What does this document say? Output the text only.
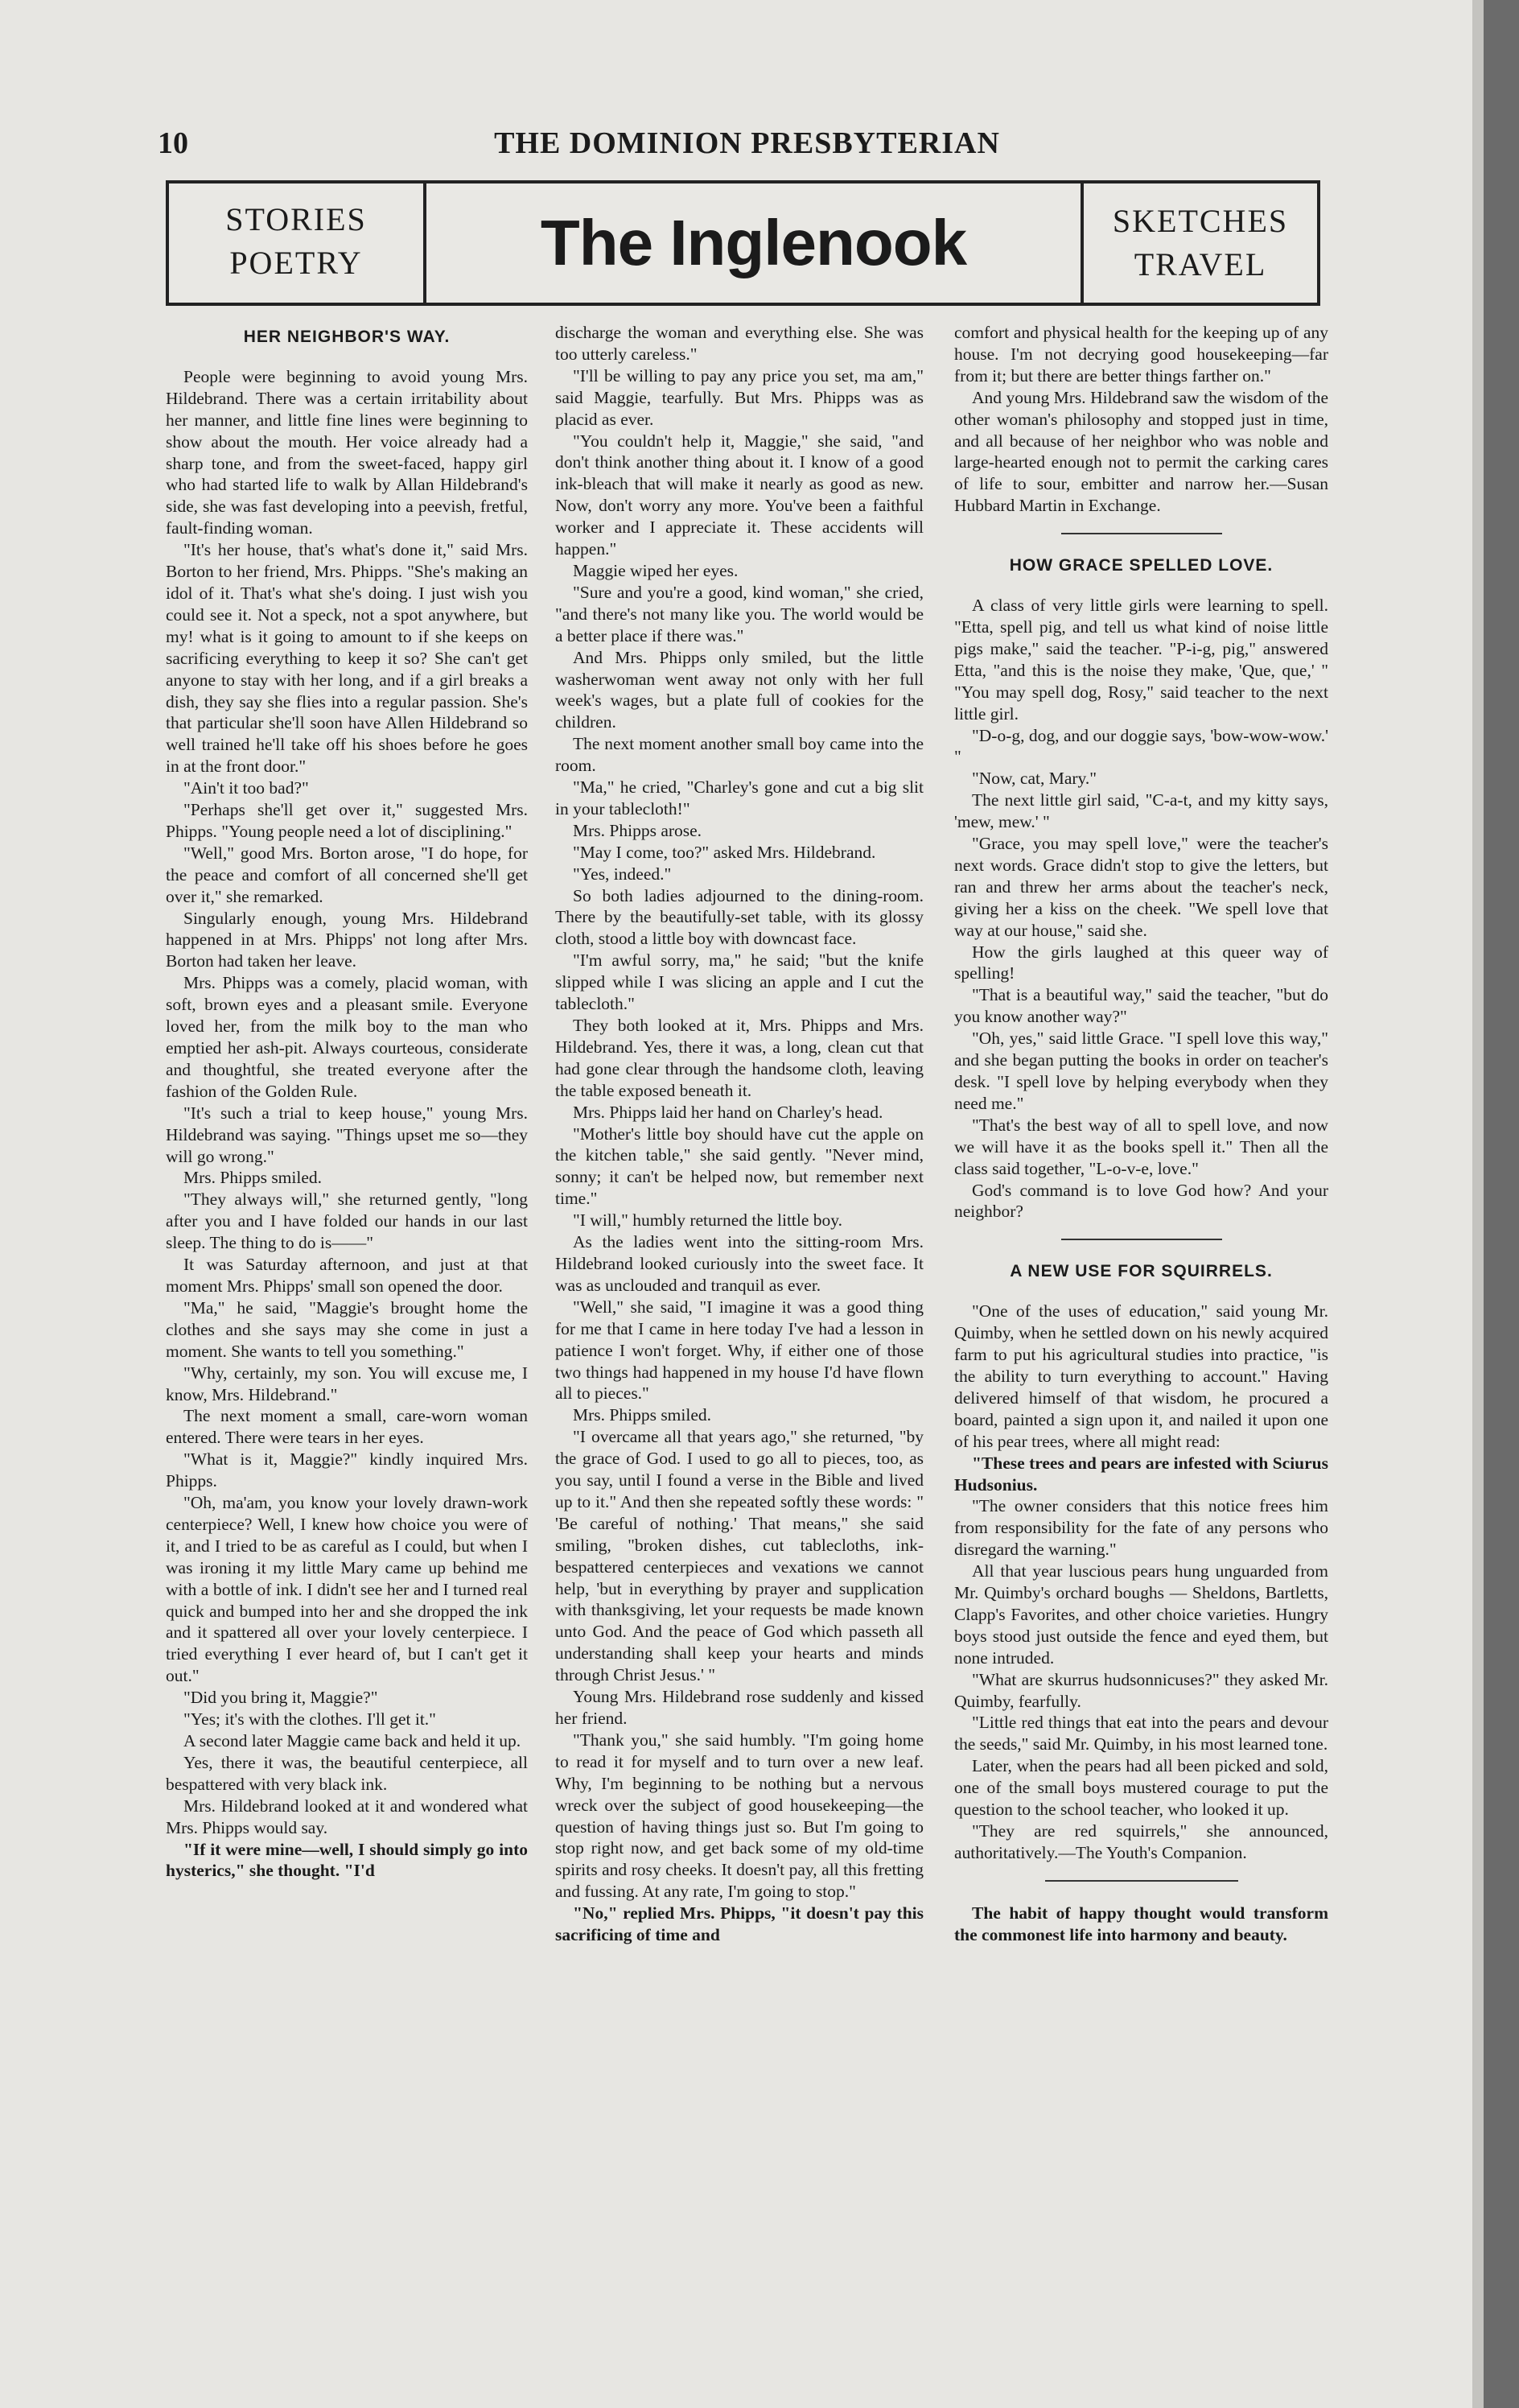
10	THE DOMINION PRESBYTERIAN
STORIES
POETRY	The Inglenook	SKETCHES
TRAVEL
HER NEIGHBOR'S WAY.

People were beginning to avoid young Mrs. Hildebrand. There was a certain irritability about her manner, and little fine lines were beginning to show about the mouth. Her voice already had a sharp tone, and from the sweet-faced, happy girl who had started life to walk by Allan Hildebrand's side, she was fast developing into a peevish, fretful, fault-finding woman.

"It's her house, that's what's done it," said Mrs. Borton to her friend, Mrs. Phipps. "She's making an idol of it. That's what she's doing. I just wish you could see it. Not a speck, not a spot anywhere, but my! what is it going to amount to if she keeps on sacrificing everything to keep it so? She can't get anyone to stay with her long, and if a girl breaks a dish, they say she flies into a regular passion. She's that particular she'll soon have Allen Hildebrand so well trained he'll take off his shoes before he goes in at the front door."

"Ain't it too bad?"

"Perhaps she'll get over it," suggested Mrs. Phipps. "Young people need a lot of disciplining."

"Well," good Mrs. Borton arose, "I do hope, for the peace and comfort of all concerned she'll get over it," she remarked.

Singularly enough, young Mrs. Hildebrand happened in at Mrs. Phipps' not long after Mrs. Borton had taken her leave.

Mrs. Phipps was a comely, placid woman, with soft, brown eyes and a pleasant smile. Everyone loved her, from the milk boy to the man who emptied her ash-pit. Always courteous, considerate and thoughtful, she treated everyone after the fashion of the Golden Rule.

"It's such a trial to keep house," young Mrs. Hildebrand was saying. "Things upset me so—they will go wrong."

Mrs. Phipps smiled.

"They always will," she returned gently, "long after you and I have folded our hands in our last sleep. The thing to do is——"

It was Saturday afternoon, and just at that moment Mrs. Phipps' small son opened the door.

"Ma," he said, "Maggie's brought home the clothes and she says may she come in just a moment. She wants to tell you something."

"Why, certainly, my son. You will excuse me, I know, Mrs. Hildebrand."

The next moment a small, care-worn woman entered. There were tears in her eyes.

"What is it, Maggie?" kindly inquired Mrs. Phipps.

"Oh, ma'am, you know your lovely drawn-work centerpiece? Well, I knew how choice you were of it, and I tried to be as careful as I could, but when I was ironing it my little Mary came up behind me with a bottle of ink. I didn't see her and I turned real quick and bumped into her and she dropped the ink and it spattered all over your lovely centerpiece. I tried everything I ever heard of, but I can't get it out."

"Did you bring it, Maggie?"

"Yes; it's with the clothes. I'll get it."

A second later Maggie came back and held it up.

Yes, there it was, the beautiful centerpiece, all bespattered with very black ink.

Mrs. Hildebrand looked at it and wondered what Mrs. Phipps would say.

"If it were mine—well, I should simply go into hysterics," she thought. "I'd

discharge the woman and everything else. She was too utterly careless."

"I'll be willing to pay any price you set, ma am," said Maggie, tearfully. But Mrs. Phipps was as placid as ever.

"You couldn't help it, Maggie," she said, "and don't think another thing about it. I know of a good ink-bleach that will make it nearly as good as new. Now, don't worry any more. You've been a faithful worker and I appreciate it. These accidents will happen."

Maggie wiped her eyes.

"Sure and you're a good, kind woman," she cried, "and there's not many like you. The world would be a better place if there was."

And Mrs. Phipps only smiled, but the little washerwoman went away not only with her full week's wages, but a plate full of cookies for the children.

The next moment another small boy came into the room.

"Ma," he cried, "Charley's gone and cut a big slit in your tablecloth!"

Mrs. Phipps arose.

"May I come, too?" asked Mrs. Hildebrand.

"Yes, indeed."

So both ladies adjourned to the dining-room. There by the beautifully-set table, with its glossy cloth, stood a little boy with downcast face.

"I'm awful sorry, ma," he said; "but the knife slipped while I was slicing an apple and I cut the tablecloth."

They both looked at it, Mrs. Phipps and Mrs. Hildebrand. Yes, there it was, a long, clean cut that had gone clear through the handsome cloth, leaving the table exposed beneath it.

Mrs. Phipps laid her hand on Charley's head.

"Mother's little boy should have cut the apple on the kitchen table," she said gently. "Never mind, sonny; it can't be helped now, but remember next time."

"I will," humbly returned the little boy.

As the ladies went into the sitting-room Mrs. Hildebrand looked curiously into the sweet face. It was as unclouded and tranquil as ever.

"Well," she said, "I imagine it was a good thing for me that I came in here today I've had a lesson in patience I won't forget. Why, if either one of those two things had happened in my house I'd have flown all to pieces."

Mrs. Phipps smiled.

"I overcame all that years ago," she returned, "by the grace of God. I used to go all to pieces, too, as you say, until I found a verse in the Bible and lived up to it." And then she repeated softly these words: " 'Be careful of nothing.' That means," she said smiling, "broken dishes, cut tablecloths, ink-bespattered centerpieces and vexations we cannot help, 'but in everything by prayer and supplication with thanksgiving, let your requests be made known unto God. And the peace of God which passeth all understanding shall keep your hearts and minds through Christ Jesus.' "

Young Mrs. Hildebrand rose suddenly and kissed her friend.

"Thank you," she said humbly. "I'm going home to read it for myself and to turn over a new leaf. Why, I'm beginning to be nothing but a nervous wreck over the subject of good housekeeping—the question of having things just so. But I'm going to stop right now, and get back some of my old-time spirits and rosy cheeks. It doesn't pay, all this fretting and fussing. At any rate, I'm going to stop."

"No," replied Mrs. Phipps, "it doesn't pay this sacrificing of time and

comfort and physical health for the keeping up of any house. I'm not decrying good housekeeping—far from it; but there are better things farther on."

And young Mrs. Hildebrand saw the wisdom of the other woman's philosophy and stopped just in time, and all because of her neighbor who was noble and large-hearted enough not to permit the carking cares of life to sour, embitter and narrow her.—Susan Hubbard Martin in Exchange.

HOW GRACE SPELLED LOVE.

A class of very little girls were learning to spell. "Etta, spell pig, and tell us what kind of noise little pigs make," said the teacher. "P-i-g, pig," answered Etta, "and this is the noise they make, 'Que, que,' " "You may spell dog, Rosy," said teacher to the next little girl.

"D-o-g, dog, and our doggie says, 'bow-wow-wow.' "

"Now, cat, Mary."

The next little girl said, "C-a-t, and my kitty says, 'mew, mew.' "

"Grace, you may spell love," were the teacher's next words. Grace didn't stop to give the letters, but ran and threw her arms about the teacher's neck, giving her a kiss on the cheek. "We spell love that way at our house," said she.

How the girls laughed at this queer way of spelling!

"That is a beautiful way," said the teacher, "but do you know another way?"

"Oh, yes," said little Grace. "I spell love this way," and she began putting the books in order on teacher's desk. "I spell love by helping everybody when they need me."

"That's the best way of all to spell love, and now we will have it as the books spell it." Then all the class said together, "L-o-v-e, love."

God's command is to love God how? And your neighbor?

A NEW USE FOR SQUIRRELS.

"One of the uses of education," said young Mr. Quimby, when he settled down on his newly acquired farm to put his agricultural studies into practice, "is the ability to turn everything to account." Having delivered himself of that wisdom, he procured a board, painted a sign upon it, and nailed it upon one of his pear trees, where all might read:

"These trees and pears are infested with Sciurus Hudsonius.

"The owner considers that this notice frees him from responsibility for the fate of any persons who disregard the warning."

All that year luscious pears hung unguarded from Mr. Quimby's orchard boughs — Sheldons, Bartletts, Clapp's Favorites, and other choice varieties. Hungry boys stood just outside the fence and eyed them, but none intruded.

"What are skurrus hudsonnicuses?" they asked Mr. Quimby, fearfully.

"Little red things that eat into the pears and devour the seeds," said Mr. Quimby, in his most learned tone.

Later, when the pears had all been picked and sold, one of the small boys mustered courage to put the question to the school teacher, who looked it up.

"They are red squirrels," she announced, authoritatively.—The Youth's Companion.

The habit of happy thought would transform the commonest life into harmony and beauty.
